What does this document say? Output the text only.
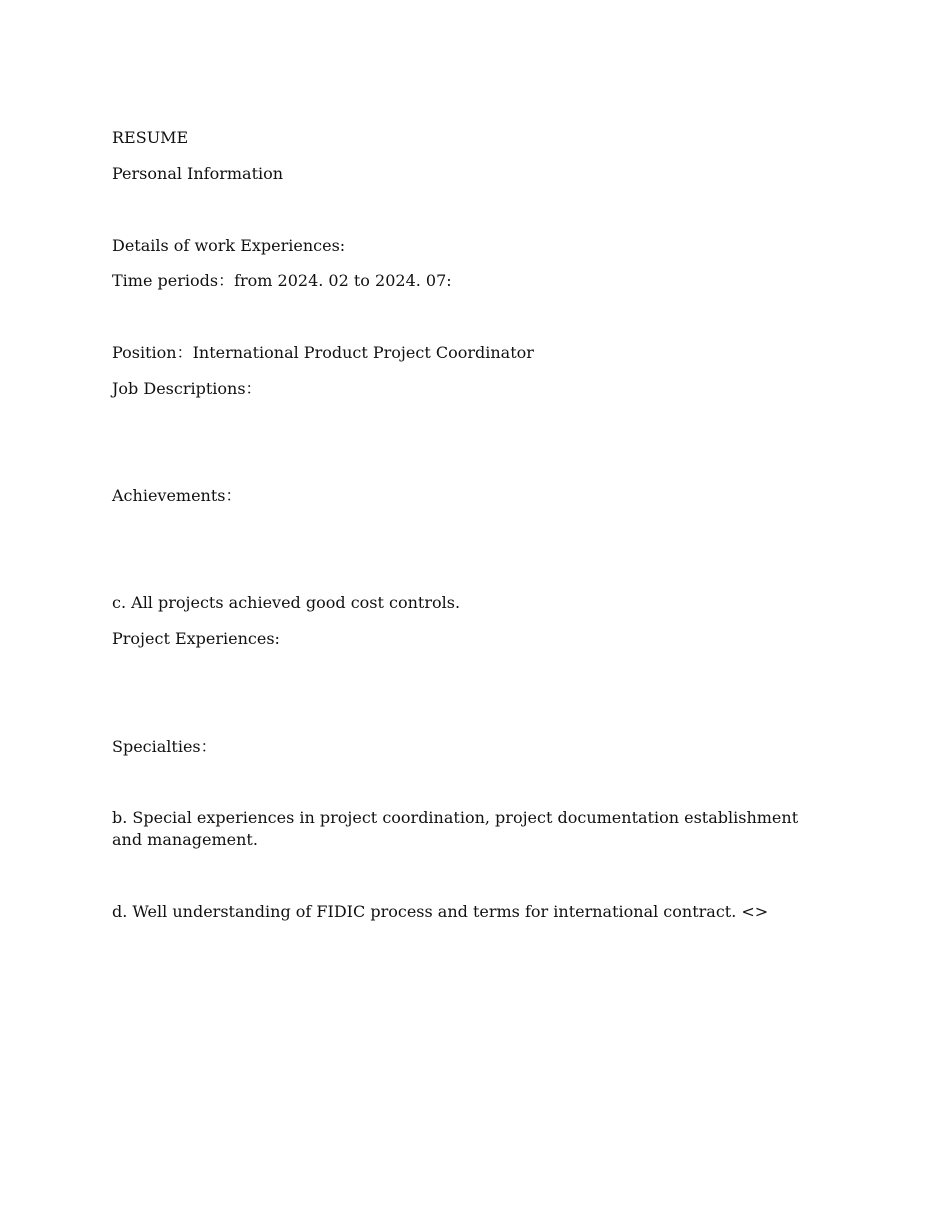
RESUME

Personal Information

Details of work Experiences:

Time periods：from 2024. 02 to 2024. 07:

Position：International Product Project Coordinator

Job Descriptions：

Achievements：

c. All projects achieved good cost controls.

Project Experiences:

Specialties：

b. Special experiences in project coordination, project documentation establishment and management.

d. Well understanding of FIDIC process and terms for international contract. <>
